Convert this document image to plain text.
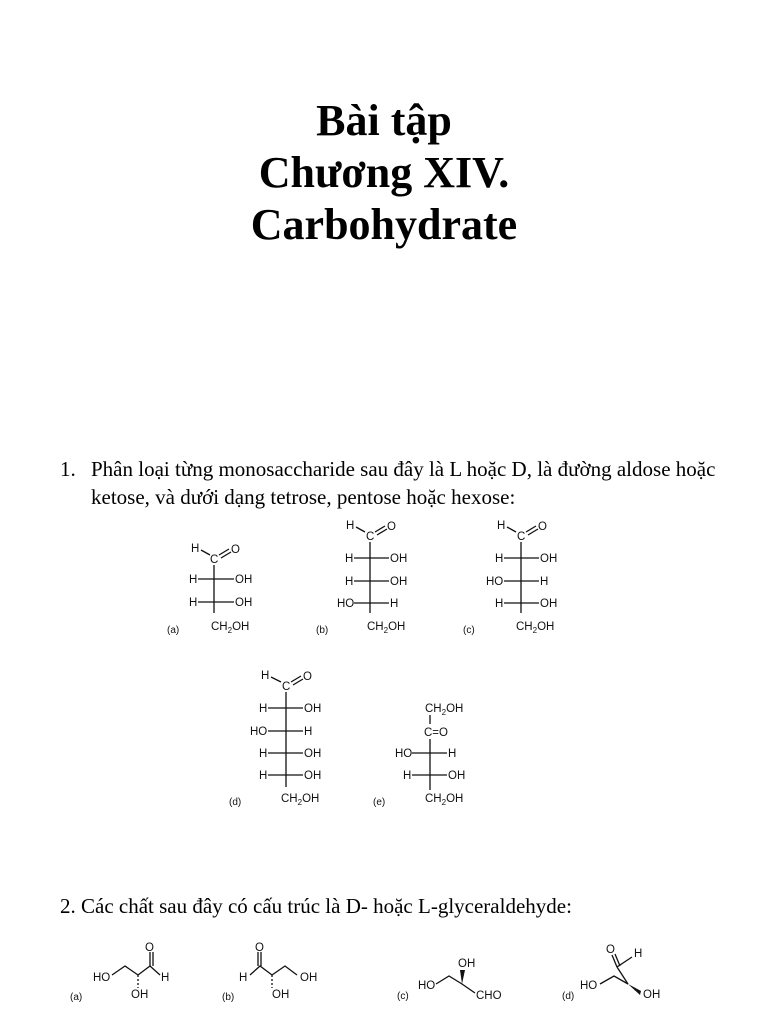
Bài tập
Chương XIV.
Carbohydrate
1. Phân loại từng monosaccharide sau đây là L hoặc D, là đường aldose hoặc ketose, và dưới dạng tetrose, pentose hoặc hexose:
2. Các chất sau đây có cấu trúc là D- hoặc L-glyceraldehyde:
H
C
O
H	OH
H	OH
$CH_2OH$
(a)
H
C
O
H	OH
H	OH
HO	H
$CH_2OH$
(b)
H
C
O
H	OH
HO	H
H	OH
$CH_2OH$
(c)
H
C
O
H	OH
HO	H
H	OH
H	OH
$CH_2OH$
(d)
$CH_2OH$
C=O
HO	H
H	OH
$CH_2OH$
(e)
HO
O
H
OH
(a)
H
O
OH
OH
(b)
HO
OH
CHO
(c)
HO
O H
OH
(d)
